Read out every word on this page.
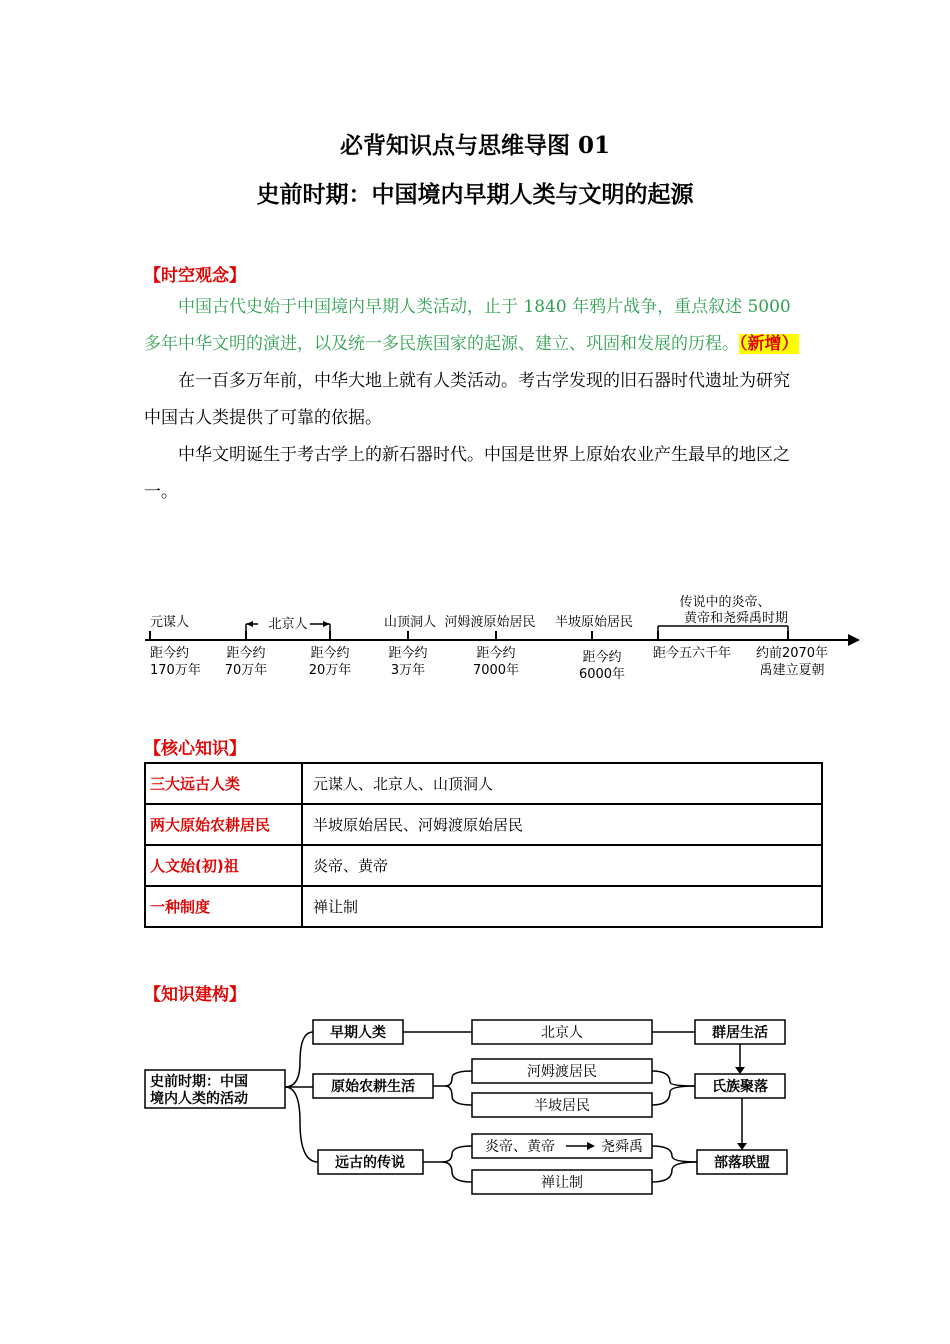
必背知识点与思维导图 01
史前时期：中国境内早期人类与文明的起源
【时空观念】

中国古代史始于中国境内早期人类活动，止于 1840 年鸦片战争，重点叙述 5000 多年中华文明的演进，以及统一多民族国家的起源、建立、巩固和发展的历程。（新增）

在一百多万年前，中华大地上就有人类活动。考古学发现的旧石器时代遗址为研究中国古人类提供了可靠的依据。

中华文明诞生于考古学上的新石器时代。中国是世界上原始农业产生最早的地区之一。

元谋人	北京人	山顶洞人 河姆渡原始居民 半坡原始居民
传说中的炎帝、
黄帝和尧舜禹时期
距今约
170万年
距今约
70万年
距今约
20万年
距今约
3万年
距今约
7000年
距今约
6000年
距今五六千年 约前2070年
禹建立夏朝
【核心知识】
三大远古人类	元谋人、北京人、山顶洞人
两大原始农耕居民	半坡原始居民、河姆渡原始居民
人文始(初)祖	炎帝、黄帝
一种制度	禅让制
【知识建构】
史前时期：中国
境内人类的活动
早期人类
原始农耕生活
远古的传说
北京人
河姆渡居民
半坡居民
炎帝、黄帝	尧舜禹
禅让制
群居生活
氏族聚落
部落联盟
